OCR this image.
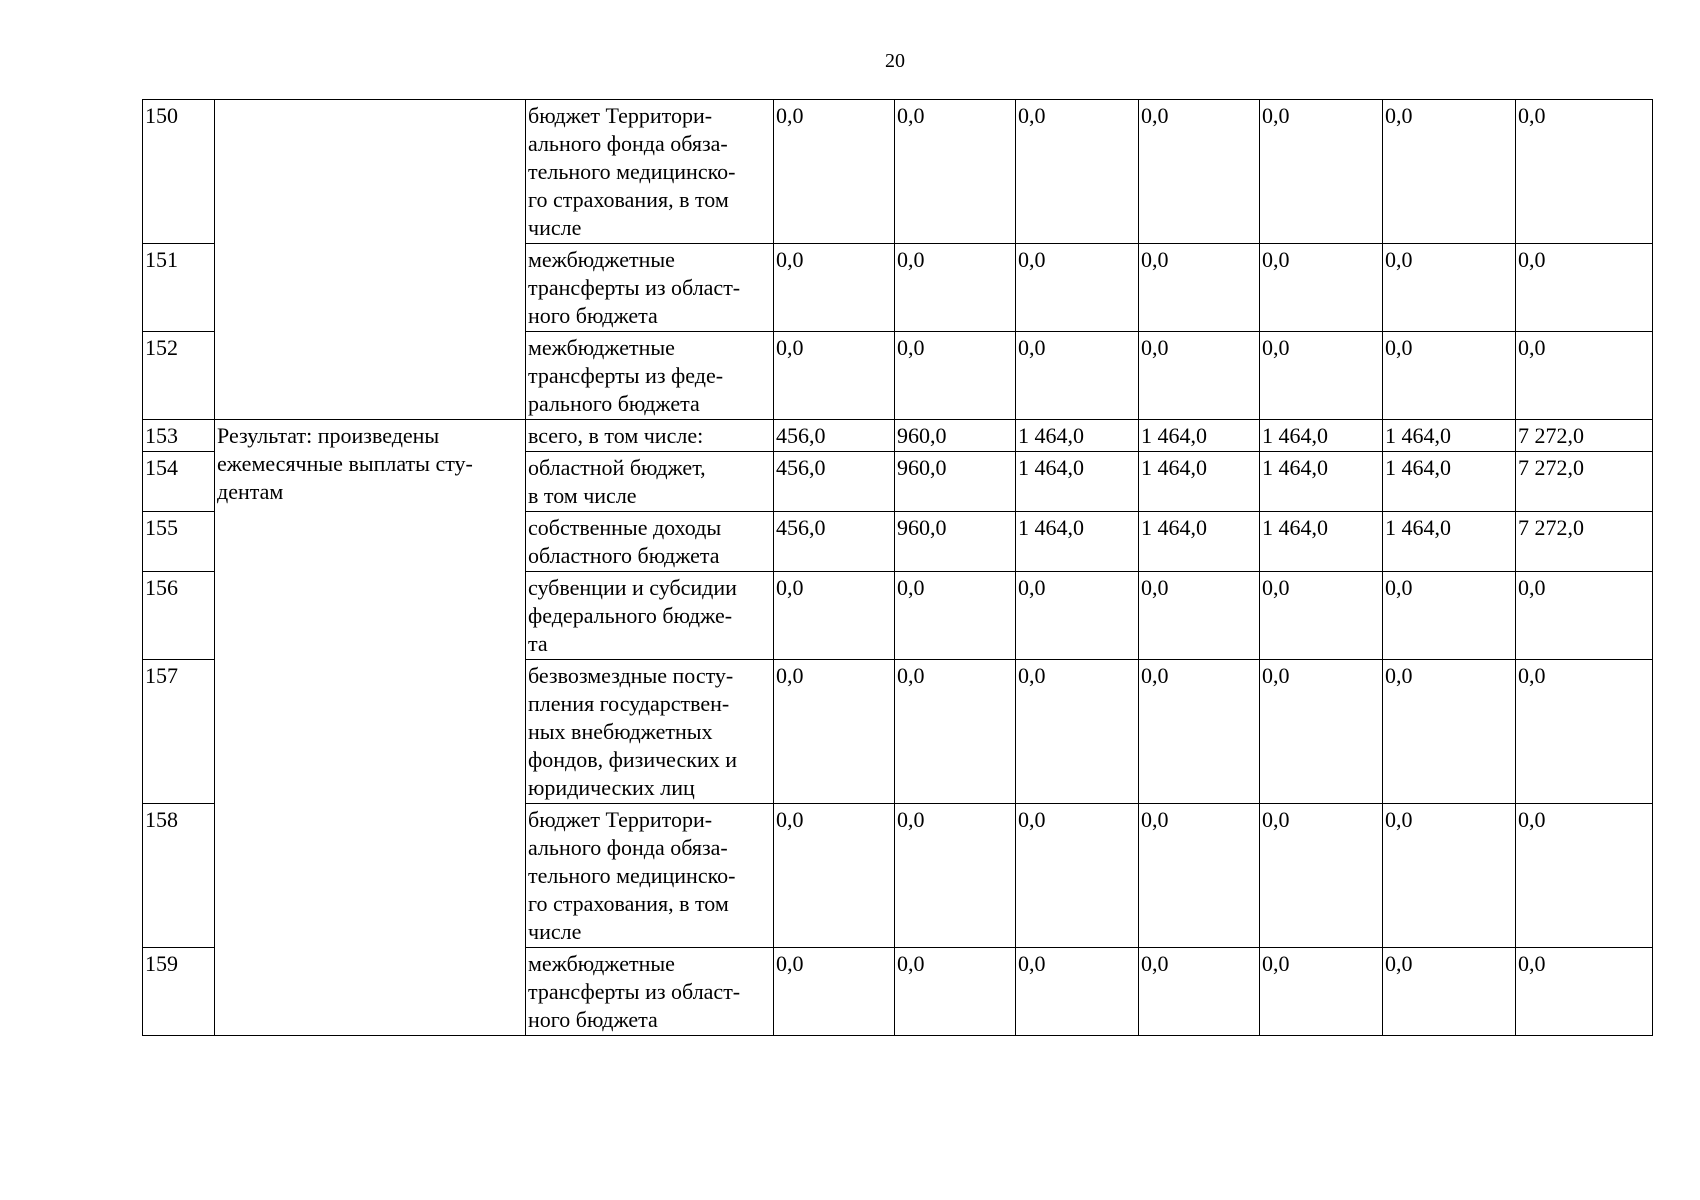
20
150		бюджет Территори-
ального фонда обяза-
тельного медицинско-
го страхования, в том
числе	0,0	0,0	0,0	0,0	0,0	0,0	0,0
151		межбюджетные
трансферты из област-
ного бюджета	0,0	0,0	0,0	0,0	0,0	0,0	0,0
152		межбюджетные
трансферты из феде-
рального бюджета	0,0	0,0	0,0	0,0	0,0	0,0	0,0
153	Результат: произведены ежемесячные выплаты сту-дентам	всего, в том числе:	456,0	960,0	1 464,0	1 464,0	1 464,0	1 464,0	7 272,0
154		областной бюджет,
в том числе	456,0	960,0	1 464,0	1 464,0	1 464,0	1 464,0	7 272,0
155		собственные доходы
областного бюджета	456,0	960,0	1 464,0	1 464,0	1 464,0	1 464,0	7 272,0
156		субвенции и субсидии
федерального бюдже-
та	0,0	0,0	0,0	0,0	0,0	0,0	0,0
157		безвозмездные посту-
пления государствен-
ных внебюджетных
фондов, физических и
юридических лиц	0,0	0,0	0,0	0,0	0,0	0,0	0,0
158		бюджет Территори-
ального фонда обяза-
тельного медицинско-
го страхования, в том
числе	0,0	0,0	0,0	0,0	0,0	0,0	0,0
159		межбюджетные
трансферты из област-
ного бюджета	0,0	0,0	0,0	0,0	0,0	0,0	0,0
